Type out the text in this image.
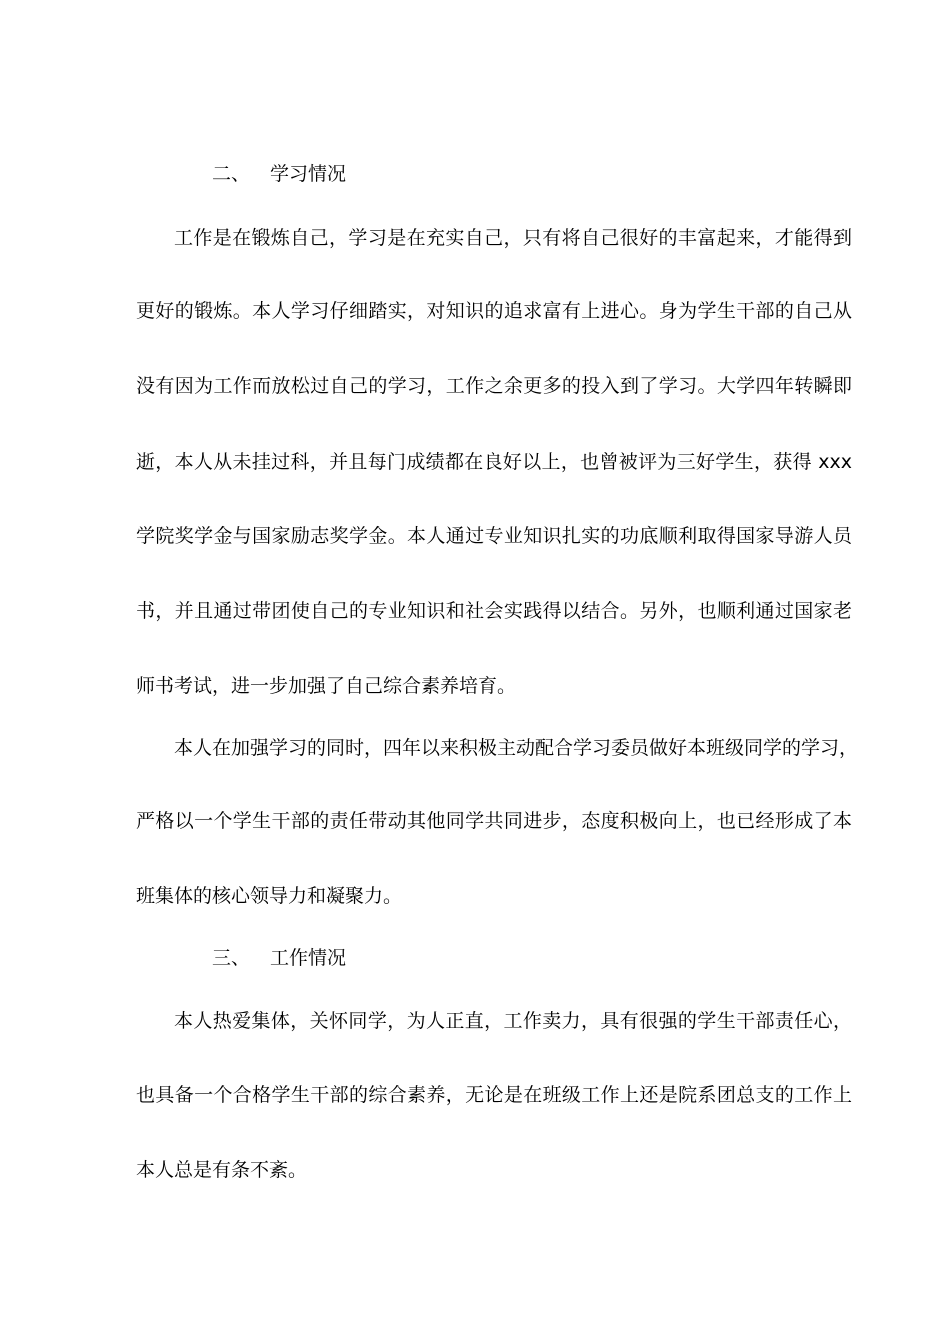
二、 学习情况
工作是在锻炼自己，学习是在充实自己，只有将自己很好的丰富起来，才能得到
更好的锻炼。本人学习仔细踏实，对知识的追求富有上进心。身为学生干部的自己从
没有因为工作而放松过自己的学习，工作之余更多的投入到了学习。大学四年转瞬即
逝，本人从未挂过科，并且每门成绩都在良好以上，也曾被评为三好学生，获得 xxx
学院奖学金与国家励志奖学金。本人通过专业知识扎实的功底顺利取得国家导游人员
书，并且通过带团使自己的专业知识和社会实践得以结合。另外，也顺利通过国家老
师书考试，进一步加强了自己综合素养培育。
本人在加强学习的同时，四年以来积极主动配合学习委员做好本班级同学的学习，
严格以一个学生干部的责任带动其他同学共同进步，态度积极向上，也已经形成了本
班集体的核心领导力和凝聚力。
三、 工作情况
本人热爱集体，关怀同学，为人正直，工作卖力，具有很强的学生干部责任心，
也具备一个合格学生干部的综合素养，无论是在班级工作上还是院系团总支的工作上
本人总是有条不紊。
